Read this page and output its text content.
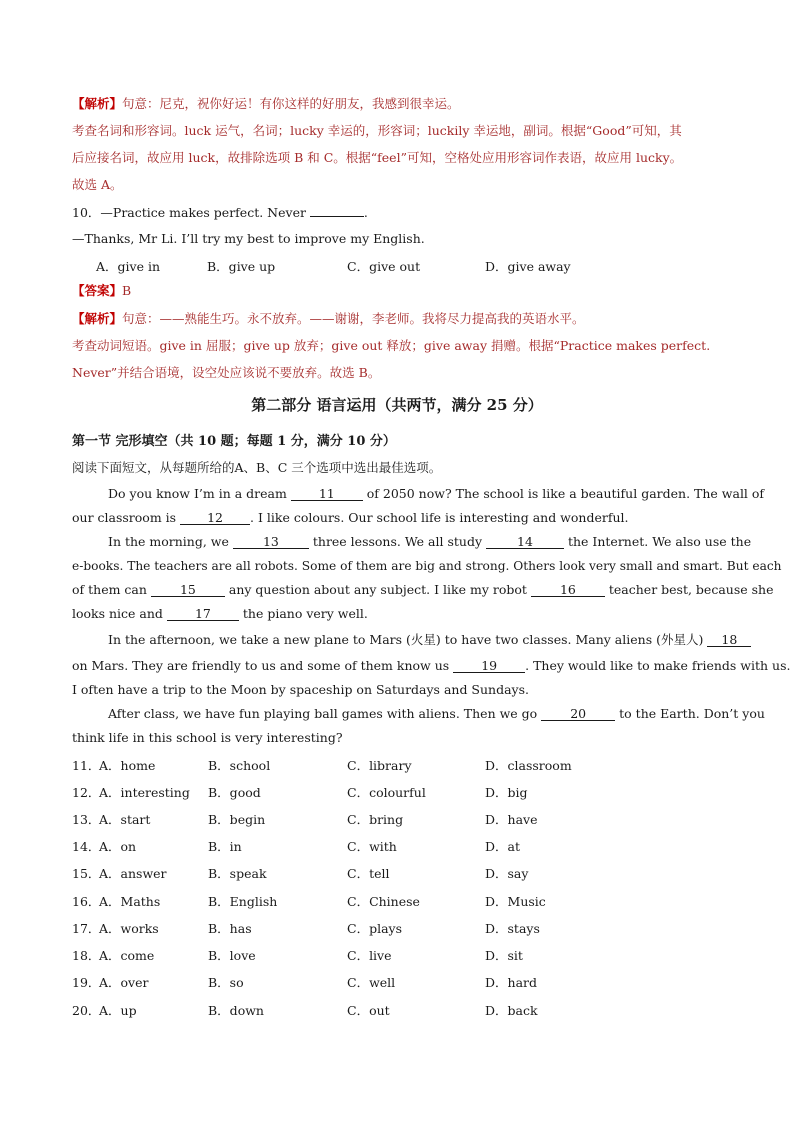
【解析】句意：尼克，祝你好运！有你这样的好朋友，我感到很幸运。
考查名词和形容词。luck 运气，名词；lucky 幸运的，形容词；luckily 幸运地，副词。根据“Good”可知，其
后应接名词，故应用 luck，故排除选项 B 和 C。根据“feel”可知，空格处应用形容词作表语，故应用 lucky。
故选 A。
10．—Practice makes perfect. Never	.
—Thanks, Mr Li. I’ll try my best to improve my English.
A．give in	B．give up	C．give out	D．give away
【答案】B
【解析】句意：——熟能生巧。永不放弃。——谢谢，李老师。我将尽力提高我的英语水平。
考查动词短语。give in 屈服；give up 放弃；give out 释放；give away 捐赠。根据“Practice makes perfect.
Never”并结合语境，设空处应该说不要放弃。故选 B。
第二部分 语言运用（共两节，满分 25 分）
第一节 完形填空（共 10 题；每题 1 分，满分 10 分）
阅读下面短文，从每题所给的A、B、C 三个选项中选出最佳选项。
Do you know I’m in a dream 11 of 2050 now? The school is like a beautiful garden. The wall of
our classroom is 12 . I like colours. Our school life is interesting and wonderful.
In the morning, we 13 three lessons. We all study 14 the Internet. We also use the
e-books. The teachers are all robots. Some of them are big and strong. Others look very small and smart. But each
of them can 15 any question about any subject. I like my robot 16 teacher best, because she
looks nice and 17 the piano very well.
In the afternoon, we take a new plane to Mars (火星) to have two classes. Many aliens (外星人) 18
on Mars. They are friendly to us and some of them know us 19 . They would like to make friends with us.
I often have a trip to the Moon by spaceship on Saturdays and Sundays.
After class, we have fun playing ball games with aliens. Then we go 20 to the Earth. Don’t you
think life in this school is very interesting?
11．
A．home	B．school	C．library	D．classroom
12．
A．interesting B．good	C．colourful	D．big
13．
A．start	B．begin	C．bring	D．have
14．
A．on	B．in	C．with	D．at
15．
A．answer	B．speak	C．tell	D．say
16．
A．Maths	B．English	C．Chinese	D．Music
17．
A．works	B．has	C．plays	D．stays
18．
A．come	B．love	C．live	D．sit
19．
A．over	B．so	C．well	D．hard
20．
A．up	B．down	C．out	D．back
